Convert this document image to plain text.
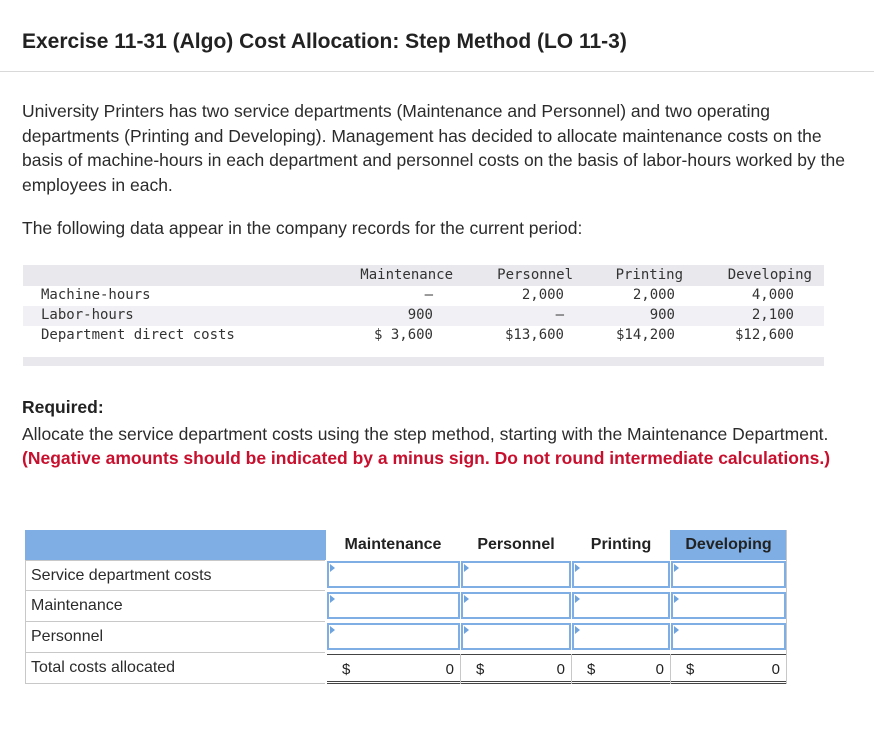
Exercise 11-31 (Algo) Cost Allocation: Step Method (LO 11-3)
University Printers has two service departments (Maintenance and Personnel) and two operating departments (Printing and Developing). Management has decided to allocate maintenance costs on the basis of machine-hours in each department and personnel costs on the basis of labor-hours worked by the employees in each.
The following data appear in the company records for the current period:
Maintenance	Personnel	Printing	Developing
Machine-hours	—	2,000	2,000	4,000
Labor-hours	900	—	900	2,100
Department direct costs	$ 3,600	$13,600	$14,200	$12,600
Required:
Allocate the service department costs using the step method, starting with the Maintenance Department. (Negative amounts should be indicated by a minus sign. Do not round intermediate calculations.)
Maintenance	Personnel	Printing	Developing
Service department costs
Maintenance
Personnel
Total costs allocated	$	0 $	0 $	0 $	0
